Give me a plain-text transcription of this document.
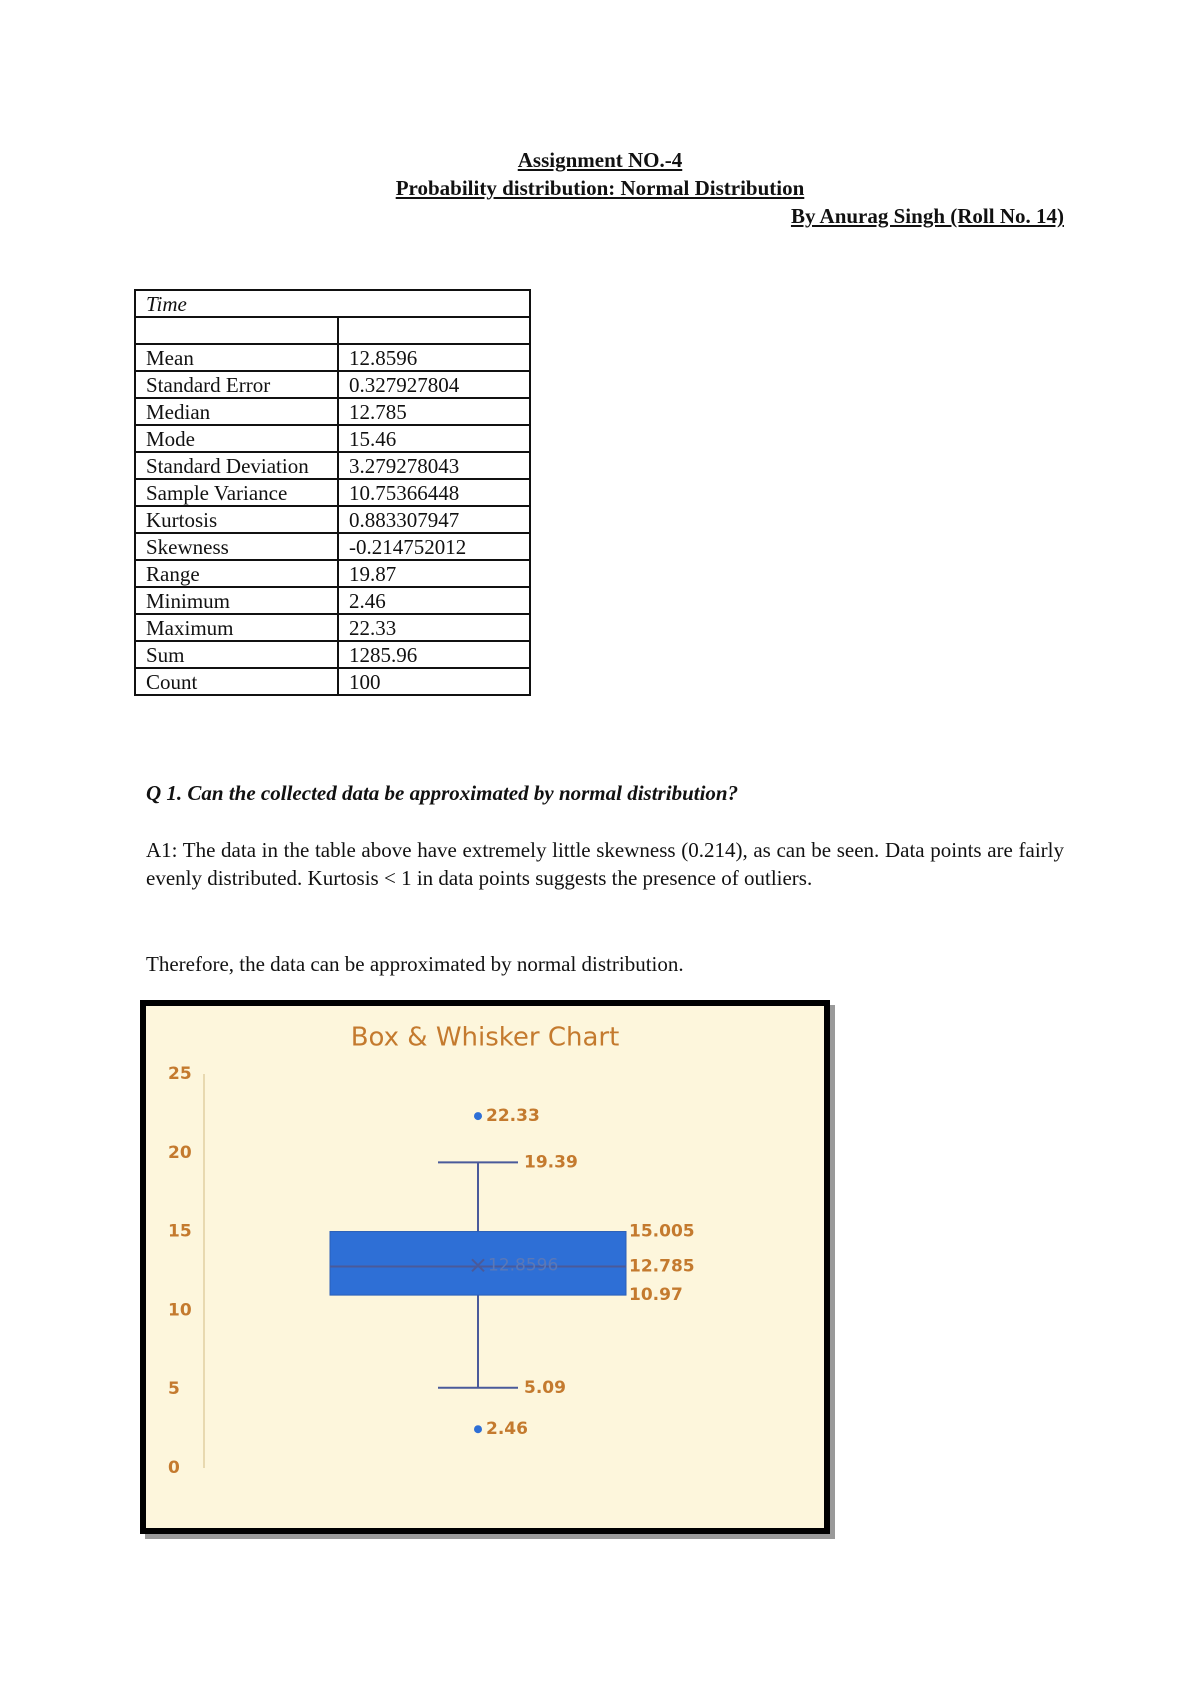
Assignment NO.-4
Probability distribution: Normal Distribution
By Anurag Singh (Roll No. 14)
Time	

Mean	12.8596
Standard Error	0.327927804
Median	12.785
Mode	15.46
Standard Deviation	3.279278043
Sample Variance	10.75366448
Kurtosis	0.883307947
Skewness	-0.214752012
Range	19.87
Minimum	2.46
Maximum	22.33
Sum	1285.96
Count	100
Q 1. Can the collected data be approximated by normal distribution?
A1: The data in the table above have extremely little skewness (0.214), as can be seen. Data points are fairly evenly distributed. Kurtosis < 1 in data points suggests the presence of outliers.
Therefore, the data can be approximated by normal distribution.
Box & Whisker Chart
0
5
10
15
20
25
12.8596
22.33
2.46
19.39
5.09
15.005
12.785
10.97
